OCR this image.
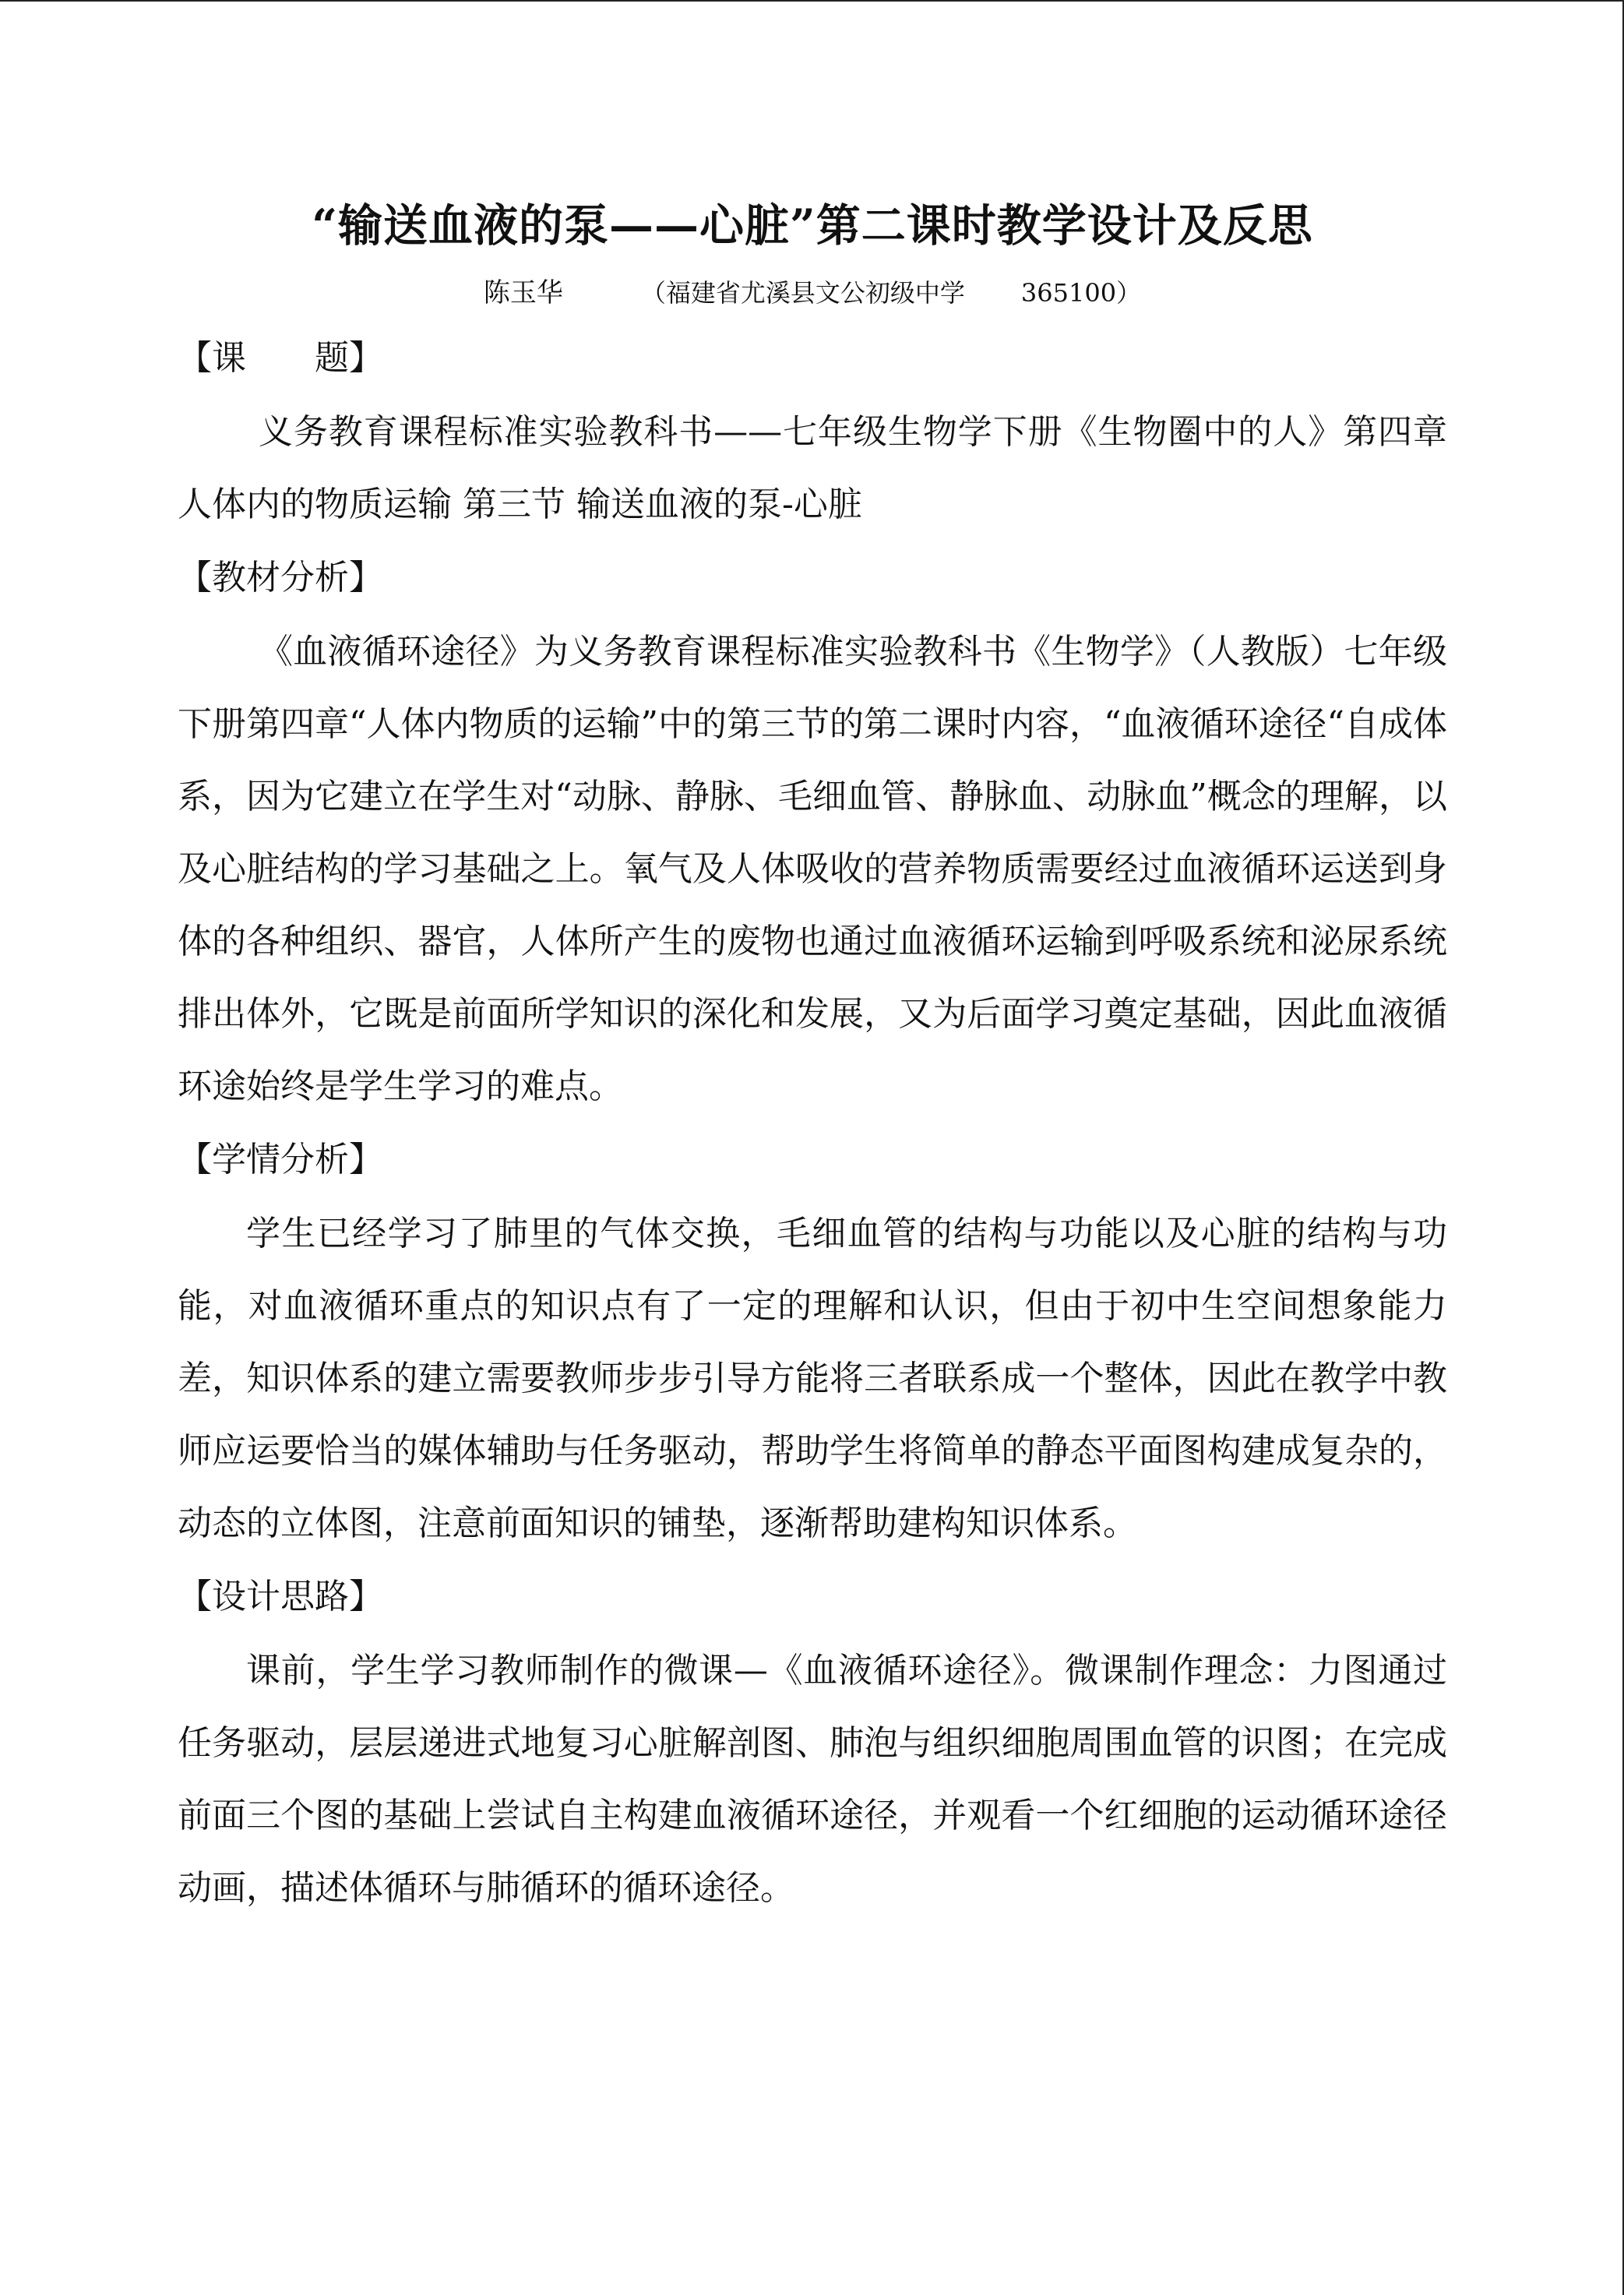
“输送血液的泵——心脏”第二课时教学设计及反思
陈玉华	（福建省尤溪县文公初级中学 365100）

【课　　题】

义务教育课程标准实验教科书——七年级生物学下册《生物圈中的人》第四章人体内的物质运输 第三节 输送血液的泵-心脏

【教材分析】

《血液循环途径》为义务教育课程标准实验教科书《生物学》（人教版）七年级下册第四章“人体内物质的运输”中的第三节的第二课时内容，“血液循环途径“自成体系，因为它建立在学生对“动脉、静脉、毛细血管、静脉血、动脉血”概念的理解，以及心脏结构的学习基础之上。氧气及人体吸收的营养物质需要经过血液循环运送到身体的各种组织、器官，人体所产生的废物也通过血液循环运输到呼吸系统和泌尿系统排出体外，它既是前面所学知识的深化和发展，又为后面学习奠定基础，因此血液循环途始终是学生学习的难点。

【学情分析】

学生已经学习了肺里的气体交换，毛细血管的结构与功能以及心脏的结构与功能，对血液循环重点的知识点有了一定的理解和认识，但由于初中生空间想象能力差，知识体系的建立需要教师步步引导方能将三者联系成一个整体，因此在教学中教师应运要恰当的媒体辅助与任务驱动，帮助学生将简单的静态平面图构建成复杂的，动态的立体图，注意前面知识的铺垫，逐渐帮助建构知识体系。

【设计思路】

课前，学生学习教师制作的微课—《血液循环途径》。微课制作理念：力图通过任务驱动，层层递进式地复习心脏解剖图、肺泡与组织细胞周围血管的识图；在完成前面三个图的基础上尝试自主构建血液循环途径，并观看一个红细胞的运动循环途径动画，描述体循环与肺循环的循环途径。
